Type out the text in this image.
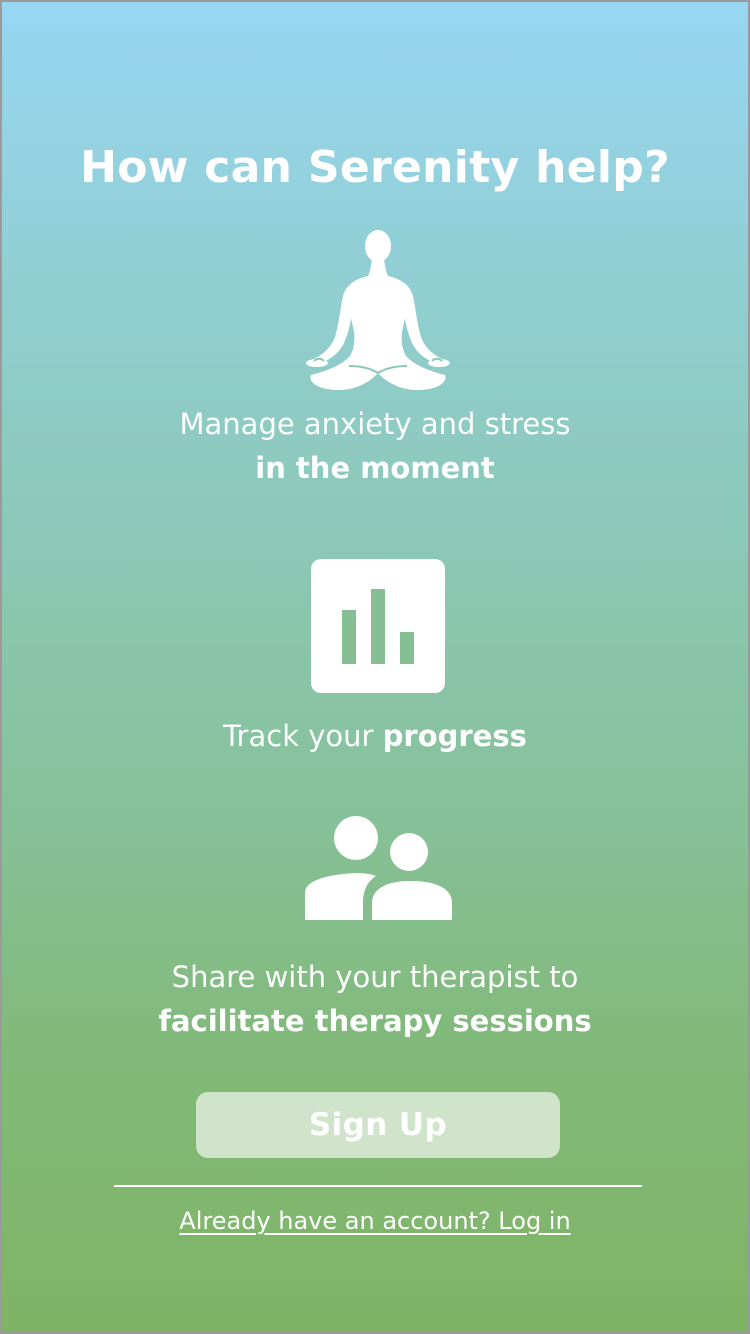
How can Serenity help?
Manage anxiety and stress
in the moment
Track your progress
Share with your therapist to
facilitate therapy sessions
Sign Up
Already have an account? Log in
